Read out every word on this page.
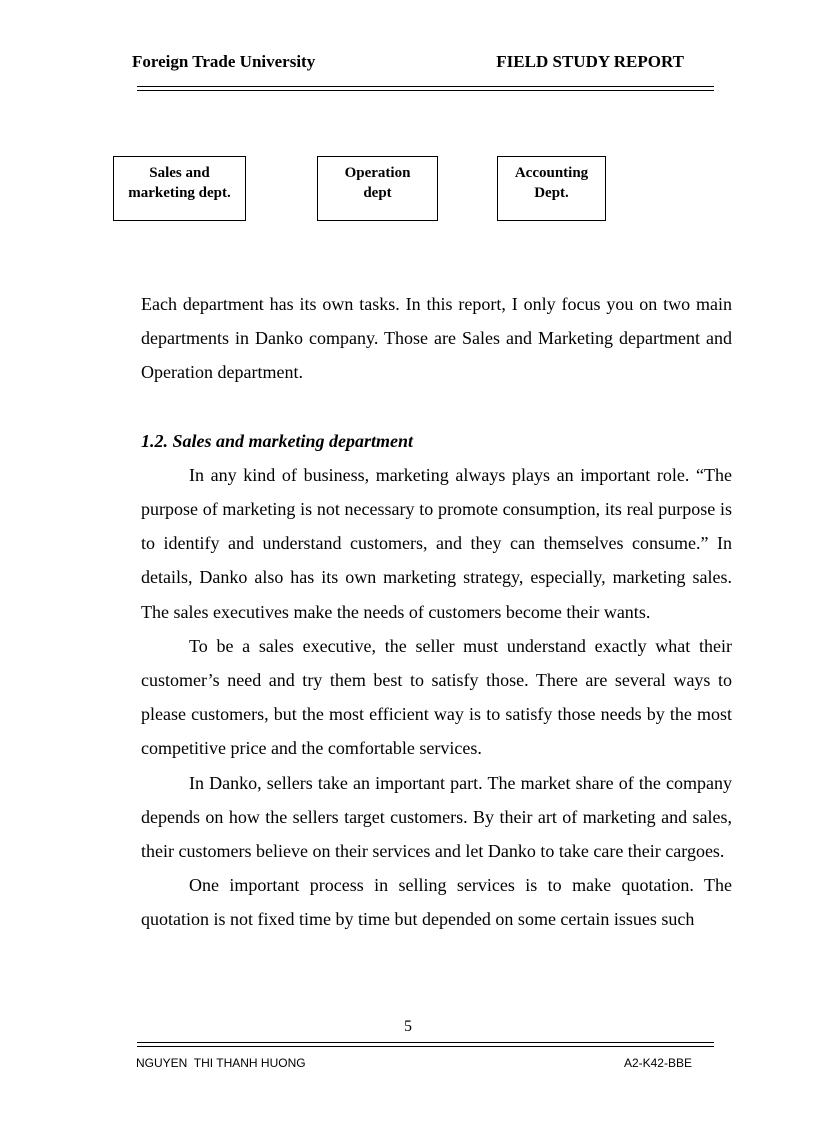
Foreign Trade University	FIELD STUDY REPORT
Sales and
marketing dept.
Operation
dept
Accounting
Dept.

Each department has its own tasks. In this report, I only focus you on two main departments in Danko company. Those are Sales and Marketing department and Operation department.

1.2. Sales and marketing department

In any kind of business, marketing always plays an important role. “The purpose of marketing is not necessary to promote consumption, its real purpose is to identify and understand customers, and they can themselves consume.” In details, Danko also has its own marketing strategy, especially, marketing sales. The sales executives make the needs of customers become their wants.

To be a sales executive, the seller must understand exactly what their customer’s need and try them best to satisfy those. There are several ways to please customers, but the most efficient way is to satisfy those needs by the most competitive price and the comfortable services.

In Danko, sellers take an important part. The market share of the company depends on how the sellers target customers. By their art of marketing and sales, their customers believe on their services and let Danko to take care their cargoes.

One important process in selling services is to make quotation. The quotation is not fixed time by time but depended on some certain issues such

5
NGUYEN  THI THANH HUONG	A2-K42-BBE
